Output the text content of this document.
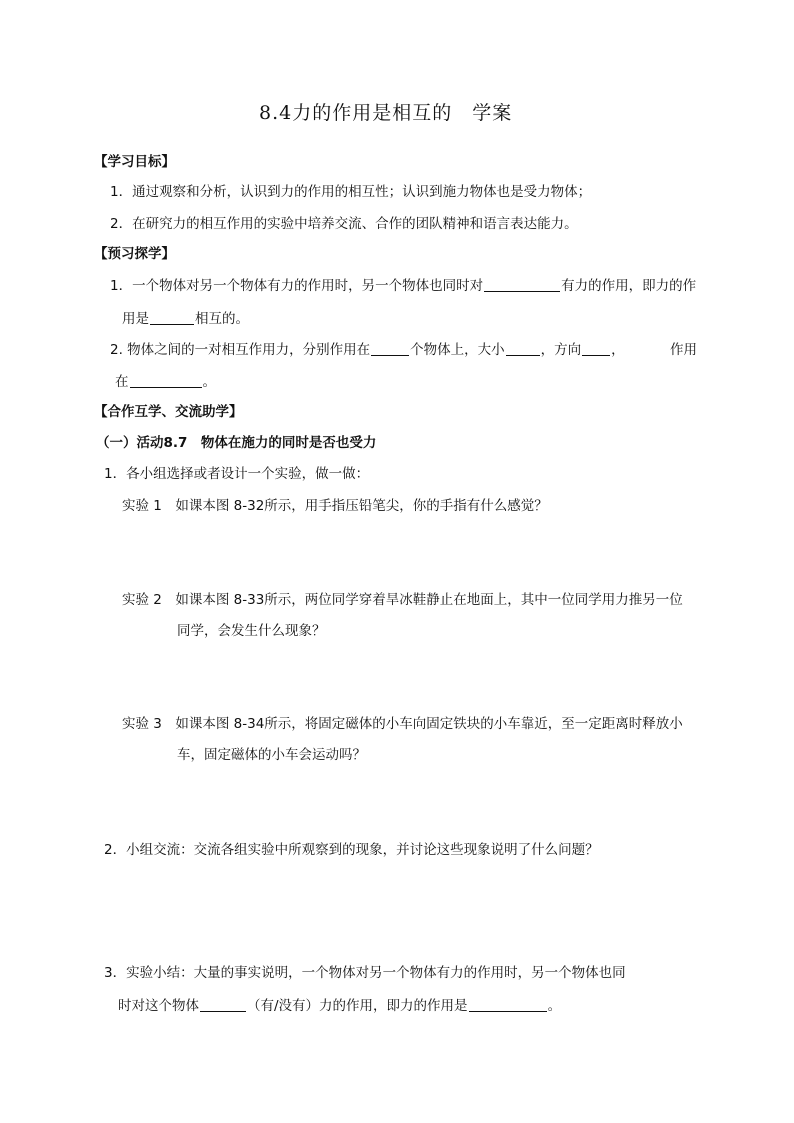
8.4力的作用是相互的　学案
【学习目标】
1．通过观察和分析，认识到力的作用的相互性；认识到施力物体也是受力物体；
2．在研究力的相互作用的实验中培养交流、合作的团队精神和语言表达能力。
【预习探学】
1．一个物体对另一个物体有力的作用时，另一个物体也同时对	有力的作用，即力的作
用是	相互的。
2. 物体之间的一对相互作用力，分别作用在	个物体上，大小	，方向 ，	作用
在	。
【合作互学、交流助学】
（一）活动8.7　物体在施力的同时是否也受力
1．各小组选择或者设计一个实验，做一做：
实验 1　如课本图 8-32所示，用手指压铅笔尖，你的手指有什么感觉？
实验 2　如课本图 8-33所示，两位同学穿着旱冰鞋静止在地面上，其中一位同学用力推另一位
同学，会发生什么现象？
实验 3　如课本图 8-34所示，将固定磁体的小车向固定铁块的小车靠近，至一定距离时释放小
车，固定磁体的小车会运动吗？
2．小组交流：交流各组实验中所观察到的现象，并讨论这些现象说明了什么问题？
3．实验小结：大量的事实说明，一个物体对另一个物体有力的作用时，另一个物体也同
时对这个物体	（有/没有）力的作用，即力的作用是	。
